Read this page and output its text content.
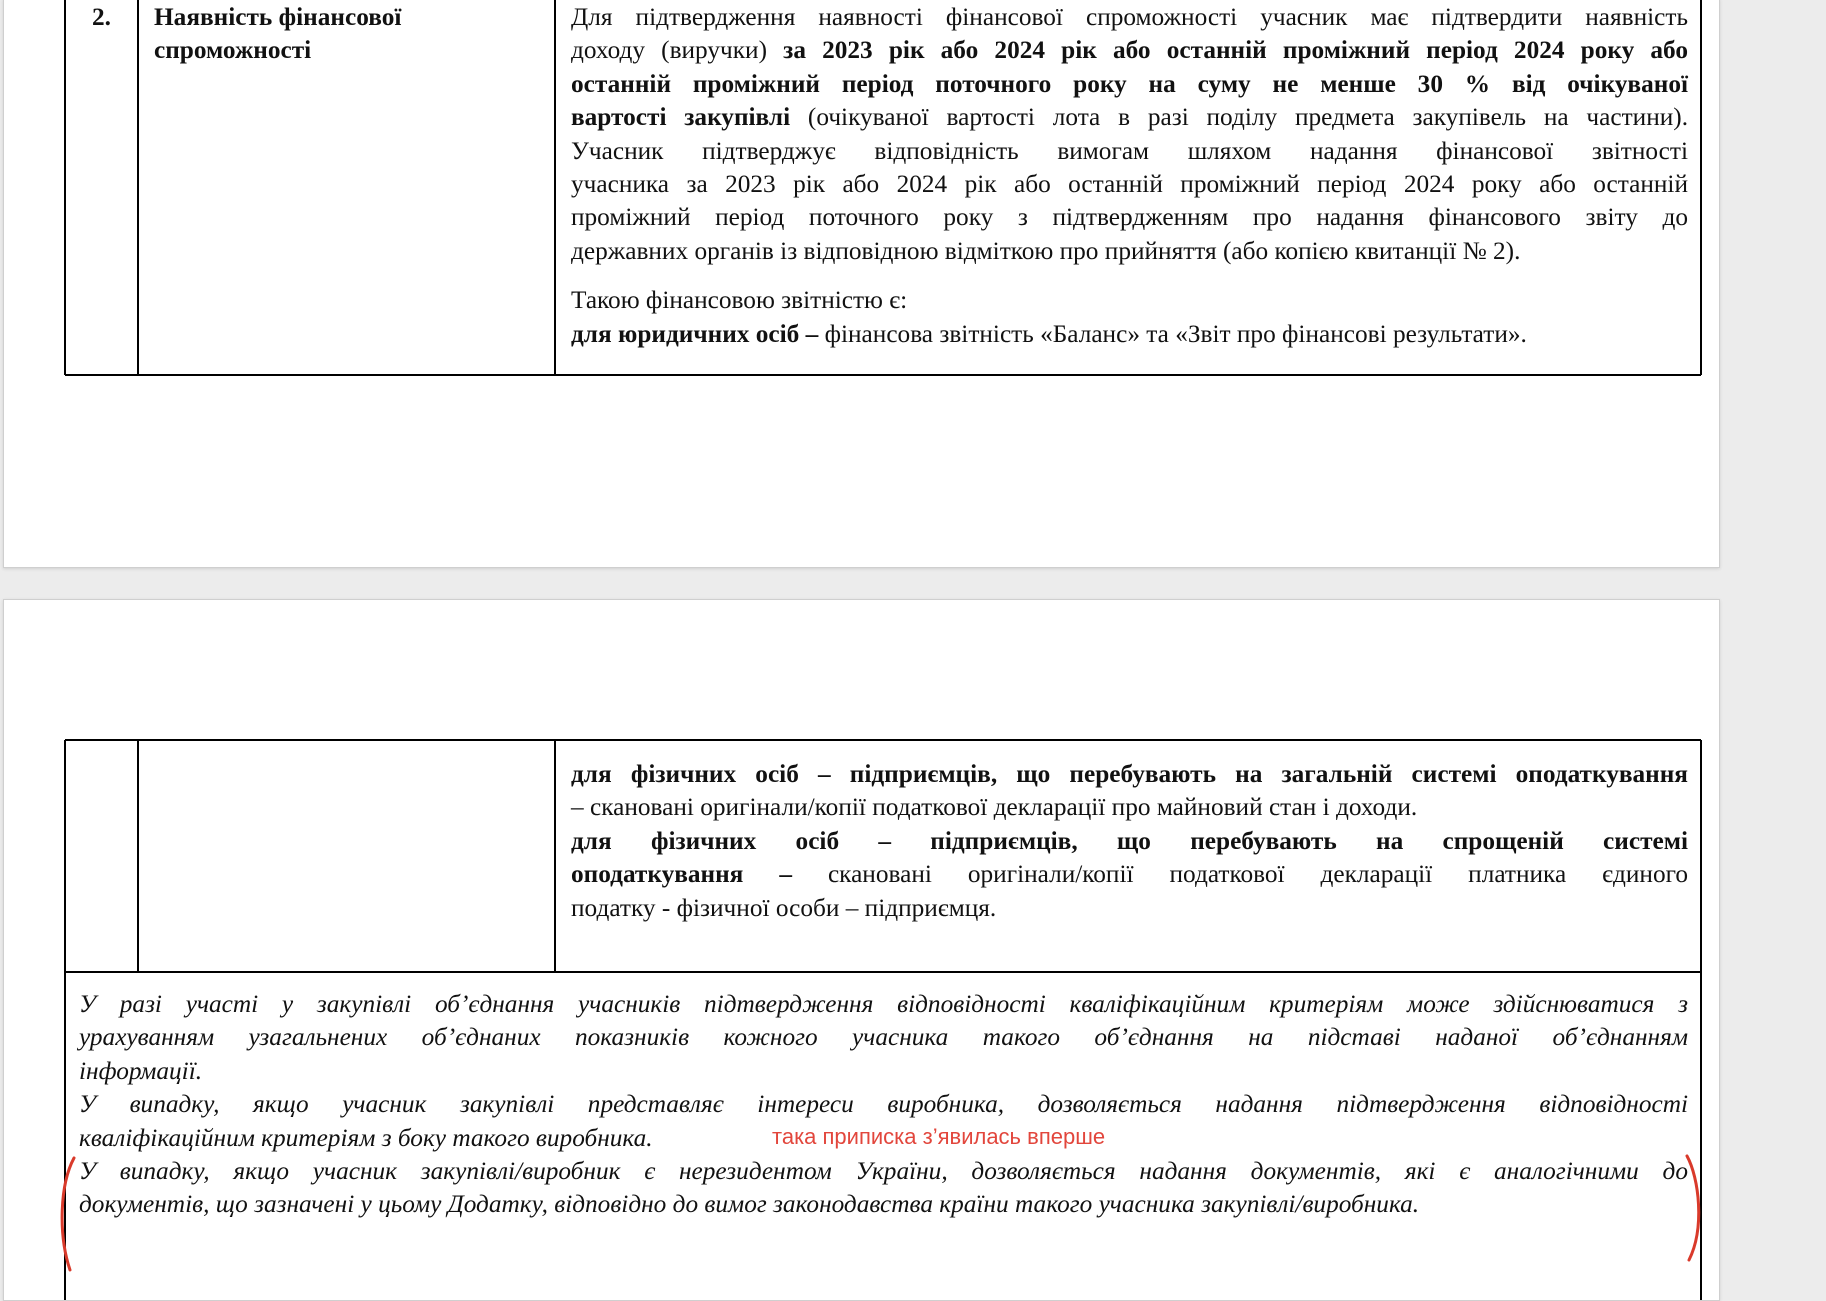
2.	Наявність фінансової
спроможності
Для підтвердження наявності фінансової спроможності учасник має підтвердити наявність
доходу (виручки) за 2023 рік або 2024 рік або останній проміжний період 2024 року або
останній проміжний період поточного року на суму не менше 30 % від очікуваної
вартості закупівлі (очікуваної вартості лота в разі поділу предмета закупівель на частини).
Учасник підтверджує відповідність вимогам шляхом надання фінансової звітності
учасника за 2023 рік або 2024 рік або останній проміжний період 2024 року або останній
проміжний період поточного року з підтвердженням про надання фінансового звіту до
державних органів із відповідною відміткою про прийняття (або копією квитанції № 2).
Такою фінансовою звітністю є:
для юридичних осіб – фінансова звітність «Баланс» та «Звіт про фінансові результати».
для фізичних осіб – підприємців, що перебувають на загальній системі оподаткування
– скановані оригінали/копії податкової декларації про майновий стан і доходи.
для фізичних осіб – підприємців, що перебувають на спрощеній системі
оподаткування – скановані оригінали/копії податкової декларації платника єдиного
податку - фізичної особи – підприємця.
У разі участі у закупівлі об’єднання учасників підтвердження відповідності кваліфікаційним критеріям може здійснюватися з
урахуванням узагальнених об’єднаних показників кожного учасника такого об’єднання на підставі наданої об’єднанням
інформації.
У випадку, якщо учасник закупівлі представляє інтереси виробника, дозволяється надання підтвердження відповідності
кваліфікаційним критеріям з боку такого виробника.
У випадку, якщо учасник закупівлі/виробник є нерезидентом України, дозволяється надання документів, які є аналогічними до
документів, що зазначені у цьому Додатку, відповідно до вимог законодавства країни такого учасника закупівлі/виробника.
така приписка з’явилась вперше
